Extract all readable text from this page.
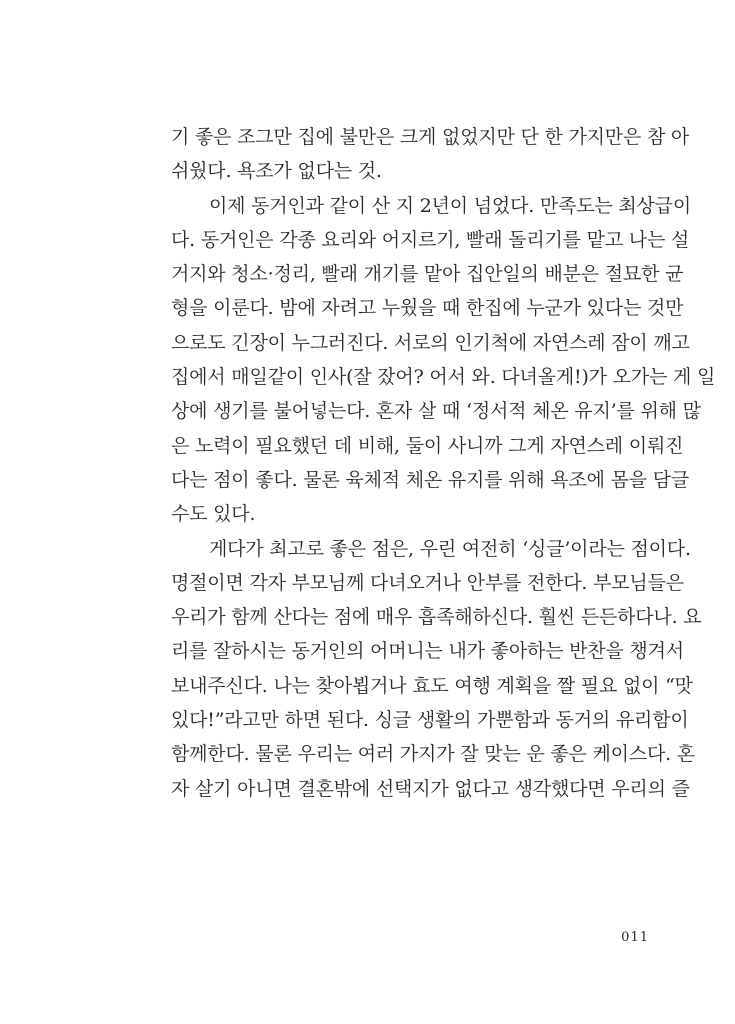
기 좋은 조그만 집에 불만은 크게 없었지만 단 한 가지만은 참 아
쉬웠다. 욕조가 없다는 것.
이제 동거인과 같이 산 지 2년이 넘었다. 만족도는 최상급이
다. 동거인은 각종 요리와 어지르기, 빨래 돌리기를 맡고 나는 설
거지와 청소·정리, 빨래 개기를 맡아 집안일의 배분은 절묘한 균
형을 이룬다. 밤에 자려고 누웠을 때 한집에 누군가 있다는 것만
으로도 긴장이 누그러진다. 서로의 인기척에 자연스레 잠이 깨고
집에서 매일같이 인사(잘 잤어? 어서 와. 다녀올게!)가 오가는 게 일
상에 생기를 불어넣는다. 혼자 살 때 ‘정서적 체온 유지’를 위해 많
은 노력이 필요했던 데 비해, 둘이 사니까 그게 자연스레 이뤄진
다는 점이 좋다. 물론 육체적 체온 유지를 위해 욕조에 몸을 담글
수도 있다.
게다가 최고로 좋은 점은, 우린 여전히 ‘싱글’이라는 점이다.
명절이면 각자 부모님께 다녀오거나 안부를 전한다. 부모님들은
우리가 함께 산다는 점에 매우 흡족해하신다. 훨씬 든든하다나. 요
리를 잘하시는 동거인의 어머니는 내가 좋아하는 반찬을 챙겨서
보내주신다. 나는 찾아뵙거나 효도 여행 계획을 짤 필요 없이 “맛
있다!”라고만 하면 된다. 싱글 생활의 가뿐함과 동거의 유리함이
함께한다. 물론 우리는 여러 가지가 잘 맞는 운 좋은 케이스다. 혼
자 살기 아니면 결혼밖에 선택지가 없다고 생각했다면 우리의 즐
011
